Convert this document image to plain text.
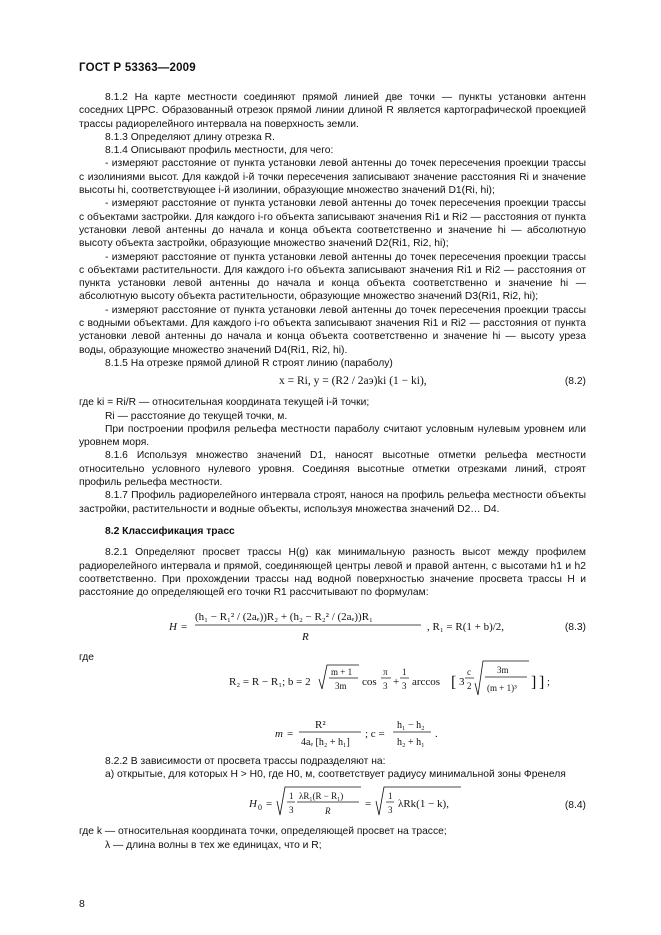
ГОСТ Р 53363—2009

8.1.2 На карте местности соединяют прямой линией две точки — пункты установки антенн соседних ЦРРС. Образованный отрезок прямой линии длиной R является картографической проекцией трассы радиорелейного интервала на поверхность земли.

8.1.3 Определяют длину отрезка R.

8.1.4 Описывают профиль местности, для чего:

- измеряют расстояние от пункта установки левой антенны до точек пересечения проекции трассы с изолиниями высот. Для каждой i-й точки пересечения записывают значение расстояния Ri и значение высоты hi, соответствующее i-й изолинии, образующие множество значений D1(Ri, hi);

- измеряют расстояние от пункта установки левой антенны до точек пересечения проекции трассы с объектами застройки. Для каждого i-го объекта записывают значения Ri1 и Ri2 — расстояния от пункта установки левой антенны до начала и конца объекта соответственно и значение hi — абсолютную высоту объекта застройки, образующие множество значений D2(Ri1, Ri2, hi);

- измеряют расстояние от пункта установки левой антенны до точек пересечения проекции трассы с объектами растительности. Для каждого i-го объекта записывают значения Ri1 и Ri2 — расстояния от пункта установки левой антенны до начала и конца объекта соответственно и значение hi — абсолютную высоту объекта растительности, образующие множество значений D3(Ri1, Ri2, hi);

- измеряют расстояние от пункта установки левой антенны до точек пересечения проекции трассы с водными объектами. Для каждого i-го объекта записывают значения Ri1 и Ri2 — расстояния от пункта установки левой антенны до начала и конца объекта соответственно и значение hi — высоту уреза воды, образующие множество значений D4(Ri1, Ri2, hi).

8.1.5 На отрезке прямой длиной R строят линию (параболу)

x = Ri, y = (R2 / 2aэ)ki (1 − ki),	(8.2)

где ki = Ri/R — относительная координата текущей i-й точки;

Ri — расстояние до текущей точки, м.

При построении профиля рельефа местности параболу считают условным нулевым уровнем или уровнем моря.

8.1.6 Используя множество значений D1, наносят высотные отметки рельефа местности относительно условного нулевого уровня. Соединяя высотные отметки отрезками линий, строят профиль рельефа местности.

8.1.7 Профиль радиорелейного интервала строят, нанося на профиль рельефа местности объекты застройки, растительности и водные объекты, используя множества значений D2… D4.

8.2 Классификация трасс

8.2.1 Определяют просвет трассы H(g) как минимальную разность высот между профилем радиорелейного интервала и прямой, соединяющей центры левой и правой антенн, с высотами h1 и h2 соответственно. При прохождении трассы над водной поверхностью значение просвета трассы H и расстояние до определяющей его точки R1 рассчитывают по формулам:

H =
(h₁ − R₁² / (2aₑ))R₂ + (h₂ − R₂² / (2aₑ))R₁
R
, R₁ = R(1 + b)/2,	(8.3)

где

R₂ = R − R₁; b = 2
m + 1
3m cos
π
3 +
1
3 arccos [ 3
c
2
3m
(m + 1)³ ] ] ;
m =
R²
4aₑ [h₂ + h₁]
; c =
h₁ − h₂
h₂ + h₁
.

8.2.2 В зависимости от просвета трассы подразделяют на:

а) открытые, для которых H > H0, где H0, м, соответствует радиусу минимальной зоны Френеля

H 0 =
1
3
λR₁(R − R₁)
R
=
1
3 λRk(1 − k),	(8.4)

где k — относительная координата точки, определяющей просвет на трассе;

λ — длина волны в тех же единицах, что и R;

8
